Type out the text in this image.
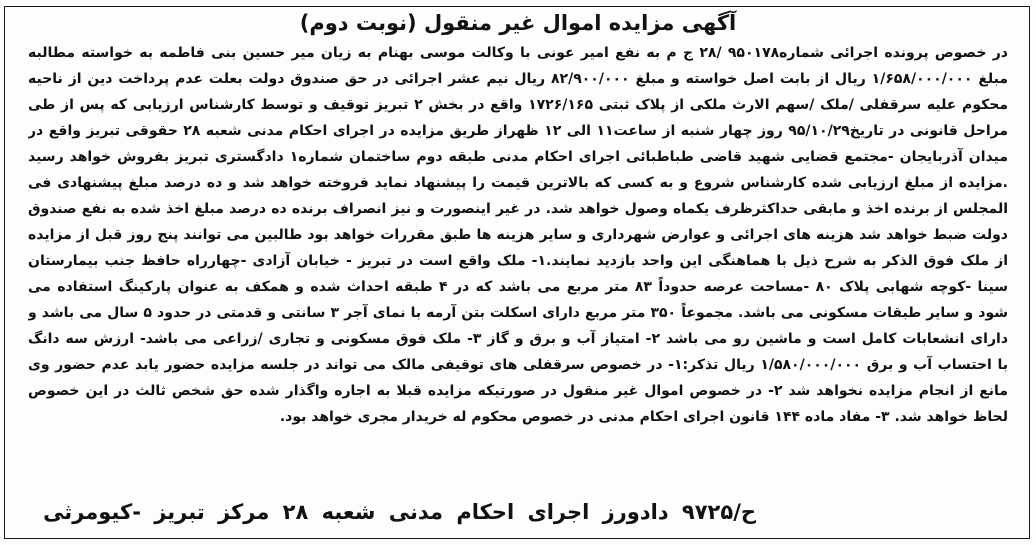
آگهی مزایده اموال غیر منقول (نوبت دوم)
در خصوص پرونده اجرائی شماره۹۵۰۱۷۸ /۲۸ ج م به نفع امیر عونی با وکالت موسی بهنام به زیان میر حسین بنی فاطمه به خواسته مطالبه
مبلغ ۱/۶۵۸/۰۰۰/۰۰۰ ریال از بابت اصل خواسته و مبلغ ۸۲/۹۰۰/۰۰۰ ریال نیم عشر اجرائی در حق صندوق دولت بعلت عدم پرداخت دین از ناحیه
محکوم علیه سرقفلی /ملک /سهم الارث ملکی از پلاک ثبتی ۱۷۲۶/۱۶۵ واقع در بخش ۲ تبریز توقیف و توسط کارشناس ارزیابی که پس از طی
مراحل قانونی در تاریخ۹۵/۱۰/۲۹ روز چهار شنبه از ساعت۱۱ الی ۱۲ ظهراز طریق مزایده در اجرای احکام مدنی شعبه ۲۸ حقوقی تبریز واقع در
میدان آذربایجان -مجتمع قضایی شهید قاضی طباطبائی اجرای احکام مدنی طبقه دوم ساختمان شماره۱ دادگستری تبریز بفروش خواهد رسید
.مزایده از مبلغ ارزیابی شده کارشناس شروع و به کسی که بالاترین قیمت را پیشنهاد نماید فروخته خواهد شد و ده درصد مبلغ پیشنهادی فی
المجلس از برنده اخذ و مابقی حداکثرظرف یکماه وصول خواهد شد. در غیر اینصورت و نیز انصراف برنده ده درصد مبلغ اخذ شده به نفع صندوق
دولت ضبط خواهد شد هزینه های اجرائی و عوارض شهرداری و سایر هزینه ها طبق مقررات خواهد بود طالبین می توانند پنج روز قبل از مزایده
از ملک فوق الذکر به شرح ذیل با هماهنگی این واحد بازدید نمایند.۱- ملک واقع است در تبریز - خیابان آزادی -چهارراه حافظ جنب بیمارستان
سینا -کوچه شهابی پلاک ۸۰ -مساحت عرصه حدوداً ۸۳ متر مربع می باشد که در ۴ طبقه احداث شده و همکف به عنوان پارکینگ استفاده می
شود و سایر طبقات مسکونی می باشد. مجموعاً ۳۵۰ متر مربع دارای اسکلت بتن آرمه با نمای آجر ۳ سانتی و قدمتی در حدود ۵ سال می باشد و
دارای انشعابات کامل است و ماشین رو می باشد ۲- امتیاز آب و برق و گاز ۳- ملک فوق مسکونی و تجاری /زراعی می باشد- ارزش سه دانگ
با احتساب آب و برق ۱/۵۸۰/۰۰۰/۰۰۰ ریال تذکر:۱- در خصوص سرقفلی های توقیفی مالک می تواند در جلسه مزایده حضور یابد عدم حضور وی
مانع از انجام مزایده نخواهد شد ۲- در خصوص اموال غیر منقول در صورتیکه مزایده قبلا به اجاره واگذار شده حق شخص ثالث در این خصوص
لحاظ خواهد شد. ۳- مفاد ماده ۱۴۴ قانون اجرای احکام مدنی در خصوص محکوم له خریدار مجری خواهد بود.
ح/۹۷۲۵ دادورز اجرای احکام مدنی شعبه ۲۸ مرکز تبریز -کیومرثی
